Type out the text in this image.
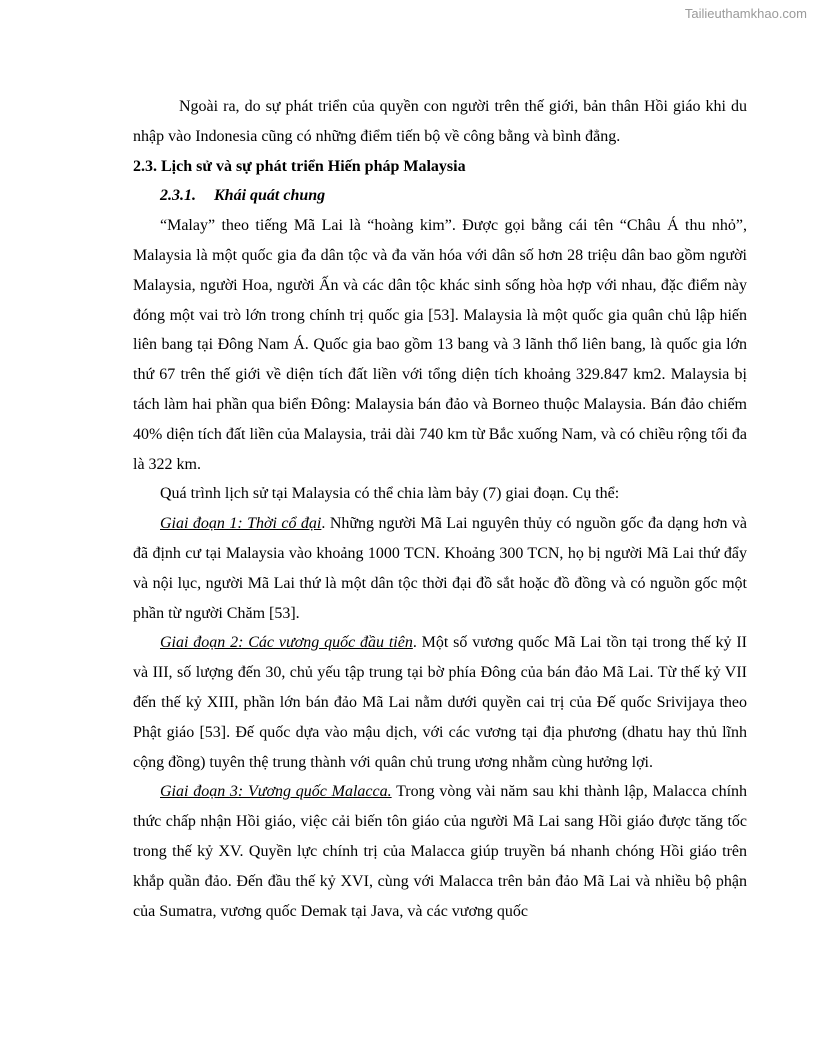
Tailieuthamkhao.com

Ngoài ra, do sự phát triển của quyền con người trên thế giới, bản thân Hồi giáo khi du nhập vào Indonesia cũng có những điểm tiến bộ về công bằng và bình đẳng.

2.3. Lịch sử và sự phát triển Hiến pháp Malaysia

2.3.1. Khái quát chung

“Malay” theo tiếng Mã Lai là “hoàng kim”. Được gọi bằng cái tên “Châu Á thu nhỏ”, Malaysia là một quốc gia đa dân tộc và đa văn hóa với dân số hơn 28 triệu dân bao gồm người Malaysia, người Hoa, người Ấn và các dân tộc khác sinh sống hòa hợp với nhau, đặc điểm này đóng một vai trò lớn trong chính trị quốc gia [53]. Malaysia là một quốc gia quân chủ lập hiến liên bang tại Đông Nam Á. Quốc gia bao gồm 13 bang và 3 lãnh thổ liên bang, là quốc gia lớn thứ 67 trên thế giới về diện tích đất liền với tổng diện tích khoảng 329.847 km2. Malaysia bị tách làm hai phần qua biển Đông: Malaysia bán đảo và Borneo thuộc Malaysia. Bán đảo chiếm 40% diện tích đất liền của Malaysia, trải dài 740 km từ Bắc xuống Nam, và có chiều rộng tối đa là 322 km.

Quá trình lịch sử tại Malaysia có thể chia làm bảy (7) giai đoạn. Cụ thể:

Giai đoạn 1: Thời cổ đại. Những người Mã Lai nguyên thủy có nguồn gốc đa dạng hơn và đã định cư tại Malaysia vào khoảng 1000 TCN. Khoảng 300 TCN, họ bị người Mã Lai thứ đẩy và nội lục, người Mã Lai thứ là một dân tộc thời đại đồ sắt hoặc đồ đồng và có nguồn gốc một phần từ người Chăm [53].

Giai đoạn 2: Các vương quốc đầu tiên. Một số vương quốc Mã Lai tồn tại trong thế kỷ II và III, số lượng đến 30, chủ yếu tập trung tại bờ phía Đông của bán đảo Mã Lai. Từ thế kỷ VII đến thế kỷ XIII, phần lớn bán đảo Mã Lai nằm dưới quyền cai trị của Đế quốc Srivijaya theo Phật giáo [53]. Đế quốc dựa vào mậu dịch, với các vương tại địa phương (dhatu hay thủ lĩnh cộng đồng) tuyên thệ trung thành với quân chủ trung ương nhằm cùng hưởng lợi.

Giai đoạn 3: Vương quốc Malacca. Trong vòng vài năm sau khi thành lập, Malacca chính thức chấp nhận Hồi giáo, việc cải biến tôn giáo của người Mã Lai sang Hồi giáo được tăng tốc trong thế kỷ XV. Quyền lực chính trị của Malacca giúp truyền bá nhanh chóng Hồi giáo trên khắp quần đảo. Đến đầu thế kỷ XVI, cùng với Malacca trên bản đảo Mã Lai và nhiều bộ phận của Sumatra, vương quốc Demak tại Java, và các vương quốc
